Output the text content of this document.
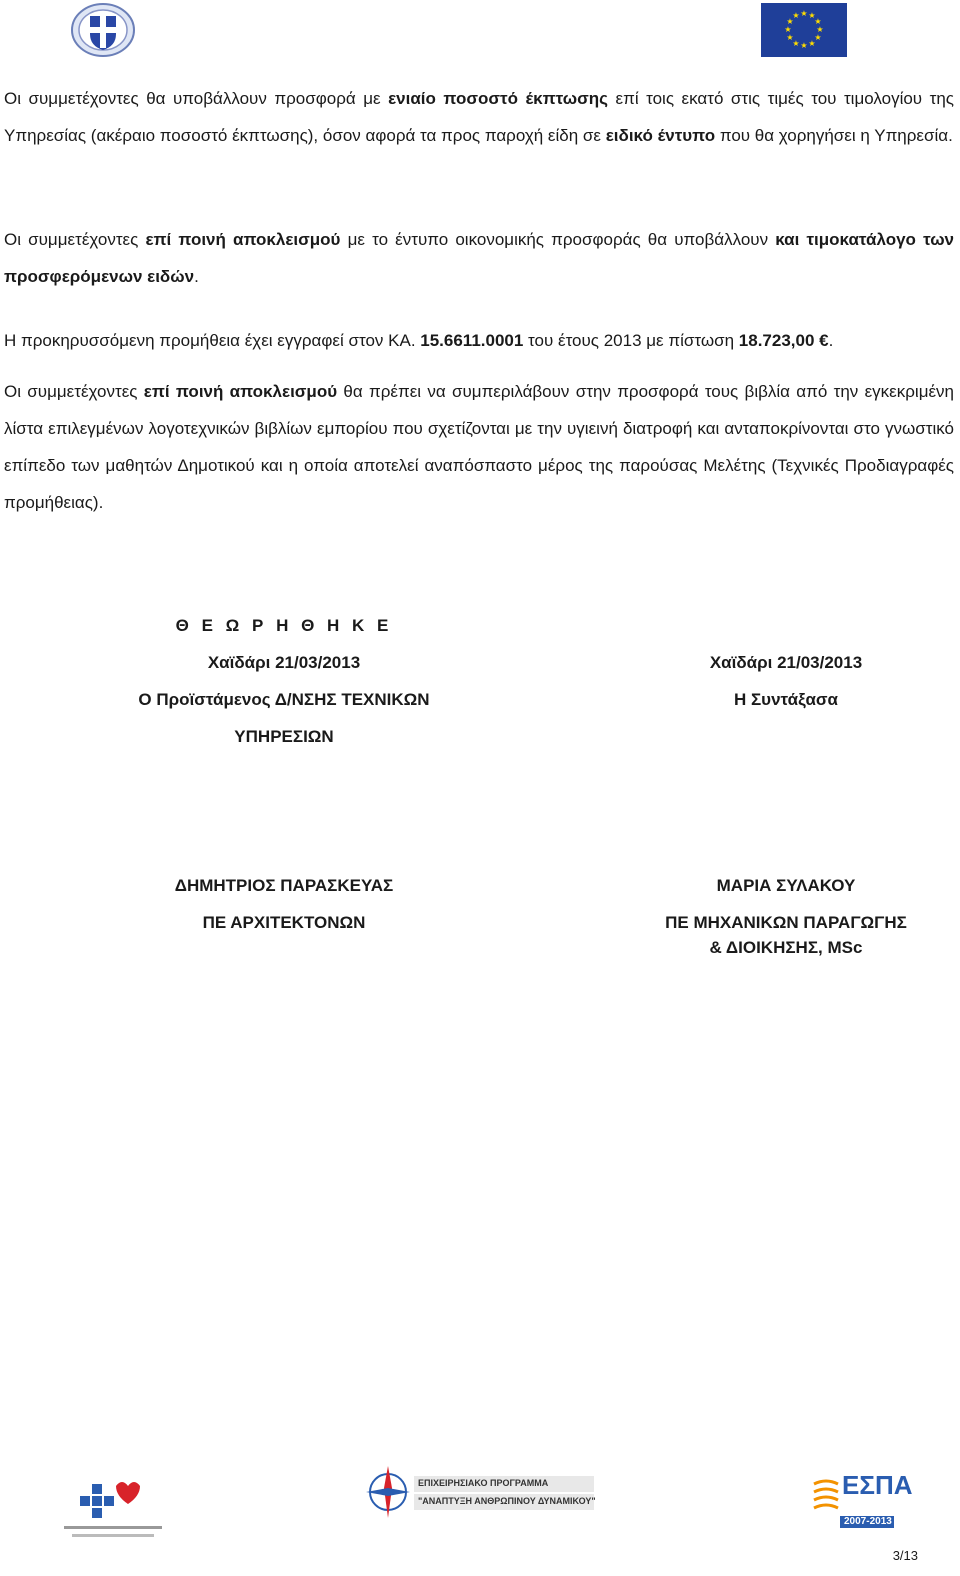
★ ★
★
★
★
★
★
★
★
★
★
★

Οι συμμετέχοντες θα υποβάλλουν προσφορά με ενιαίο ποσοστό έκπτωσης επί τοις εκατό στις τιμές του τιμολογίου της Υπηρεσίας (ακέραιο ποσοστό έκπτωσης), όσον αφορά τα προς παροχή είδη σε ειδικό έντυπο που θα χορηγήσει η Υπηρεσία.

Οι συμμετέχοντες επί ποινή αποκλεισμού με το έντυπο οικονομικής προσφοράς θα υποβάλλουν και τιμοκατάλογο των προσφερόμενων ειδών.

Η προκηρυσσόμενη προμήθεια έχει εγγραφεί στον ΚΑ. 15.6611.0001 του έτους 2013 με πίστωση 18.723,00 €.

Οι συμμετέχοντες επί ποινή αποκλεισμού θα πρέπει να συμπεριλάβουν στην προσφορά τους βιβλία από την εγκεκριμένη λίστα επιλεγμένων λογοτεχνικών βιβλίων εμπορίου που σχετίζονται με την υγιεινή διατροφή και ανταποκρίνονται στο γνωστικό επίπεδο των μαθητών Δημοτικού και η οποία αποτελεί αναπόσπαστο μέρος της παρούσας Μελέτης (Τεχνικές Προδιαγραφές προμήθειας).

Θ Ε Ω Ρ Η Θ Η Κ Ε
Χαϊδάρι 21/03/2013
Ο Προϊστάμενος Δ/ΝΣΗΣ ΤΕΧΝΙΚΩΝ
ΥΠΗΡΕΣΙΩΝ
ΔΗΜΗΤΡΙΟΣ ΠΑΡΑΣΚΕΥΑΣ
ΠΕ ΑΡΧΙΤΕΚΤΟΝΩΝ
Χαϊδάρι 21/03/2013
Η Συντάξασα
ΜΑΡΙΑ ΣΥΛΑΚΟΥ
ΠΕ ΜΗΧΑΝΙΚΩΝ ΠΑΡΑΓΩΓΗΣ
& ΔΙΟΙΚΗΣΗΣ, MSc
ΕΠΙΧΕΙΡΗΣΙΑΚΟ ΠΡΟΓΡΑΜΜΑ
"ΑΝΑΠΤΥΞΗ ΑΝΘΡΩΠΙΝΟΥ ΔΥΝΑΜΙΚΟΥ"
ΕΣΠΑ
2007-2013
3/13
